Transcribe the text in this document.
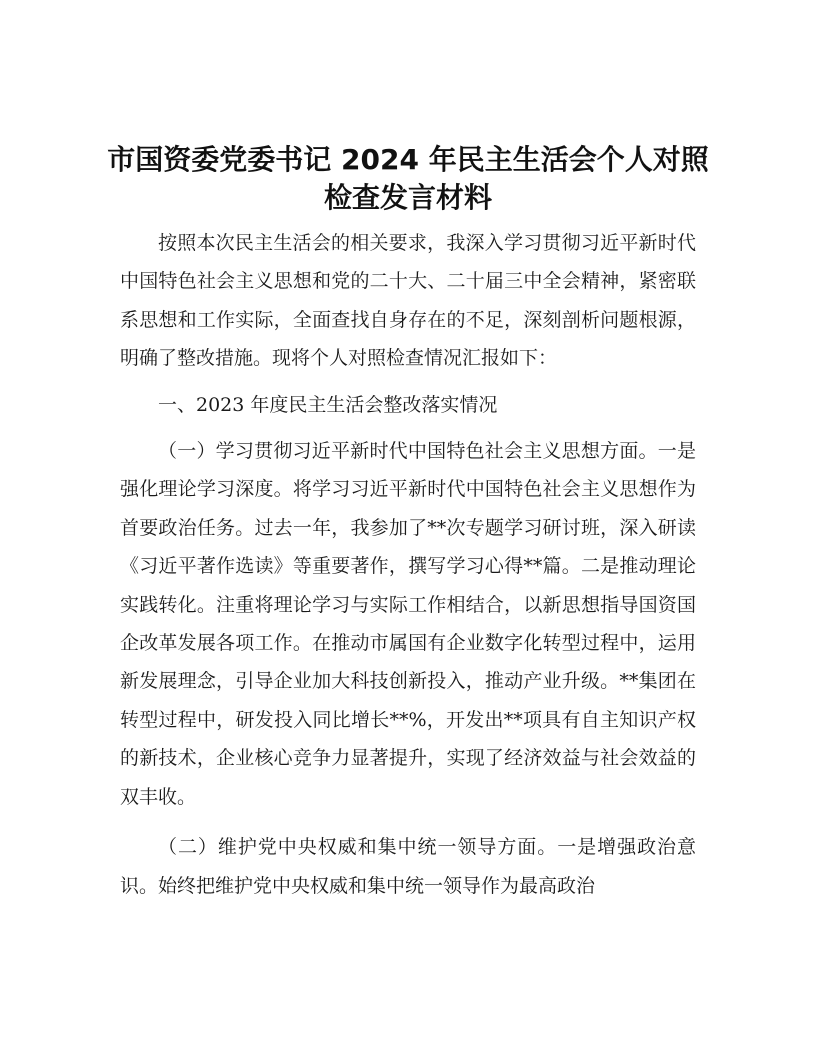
市国资委党委书记 2024 年民主生活会个人对照
检查发言材料

按照本次民主生活会的相关要求，我深入学习贯彻习近平新时代中国特色社会主义思想和党的二十大、二十届三中全会精神，紧密联系思想和工作实际，全面查找自身存在的不足，深刻剖析问题根源，明确了整改措施。现将个人对照检查情况汇报如下：

一、2023 年度民主生活会整改落实情况

（一）学习贯彻习近平新时代中国特色社会主义思想方面。一是强化理论学习深度。将学习习近平新时代中国特色社会主义思想作为首要政治任务。过去一年，我参加了**次专题学习研讨班，深入研读《习近平著作选读》等重要著作，撰写学习心得**篇。二是推动理论实践转化。注重将理论学习与实际工作相结合，以新思想指导国资国企改革发展各项工作。在推动市属国有企业数字化转型过程中，运用新发展理念，引导企业加大科技创新投入，推动产业升级。**集团在转型过程中，研发投入同比增长**%，开发出**项具有自主知识产权的新技术，企业核心竞争力显著提升，实现了经济效益与社会效益的双丰收。

（二）维护党中央权威和集中统一领导方面。一是增强政治意识。始终把维护党中央权威和集中统一领导作为最高政治
